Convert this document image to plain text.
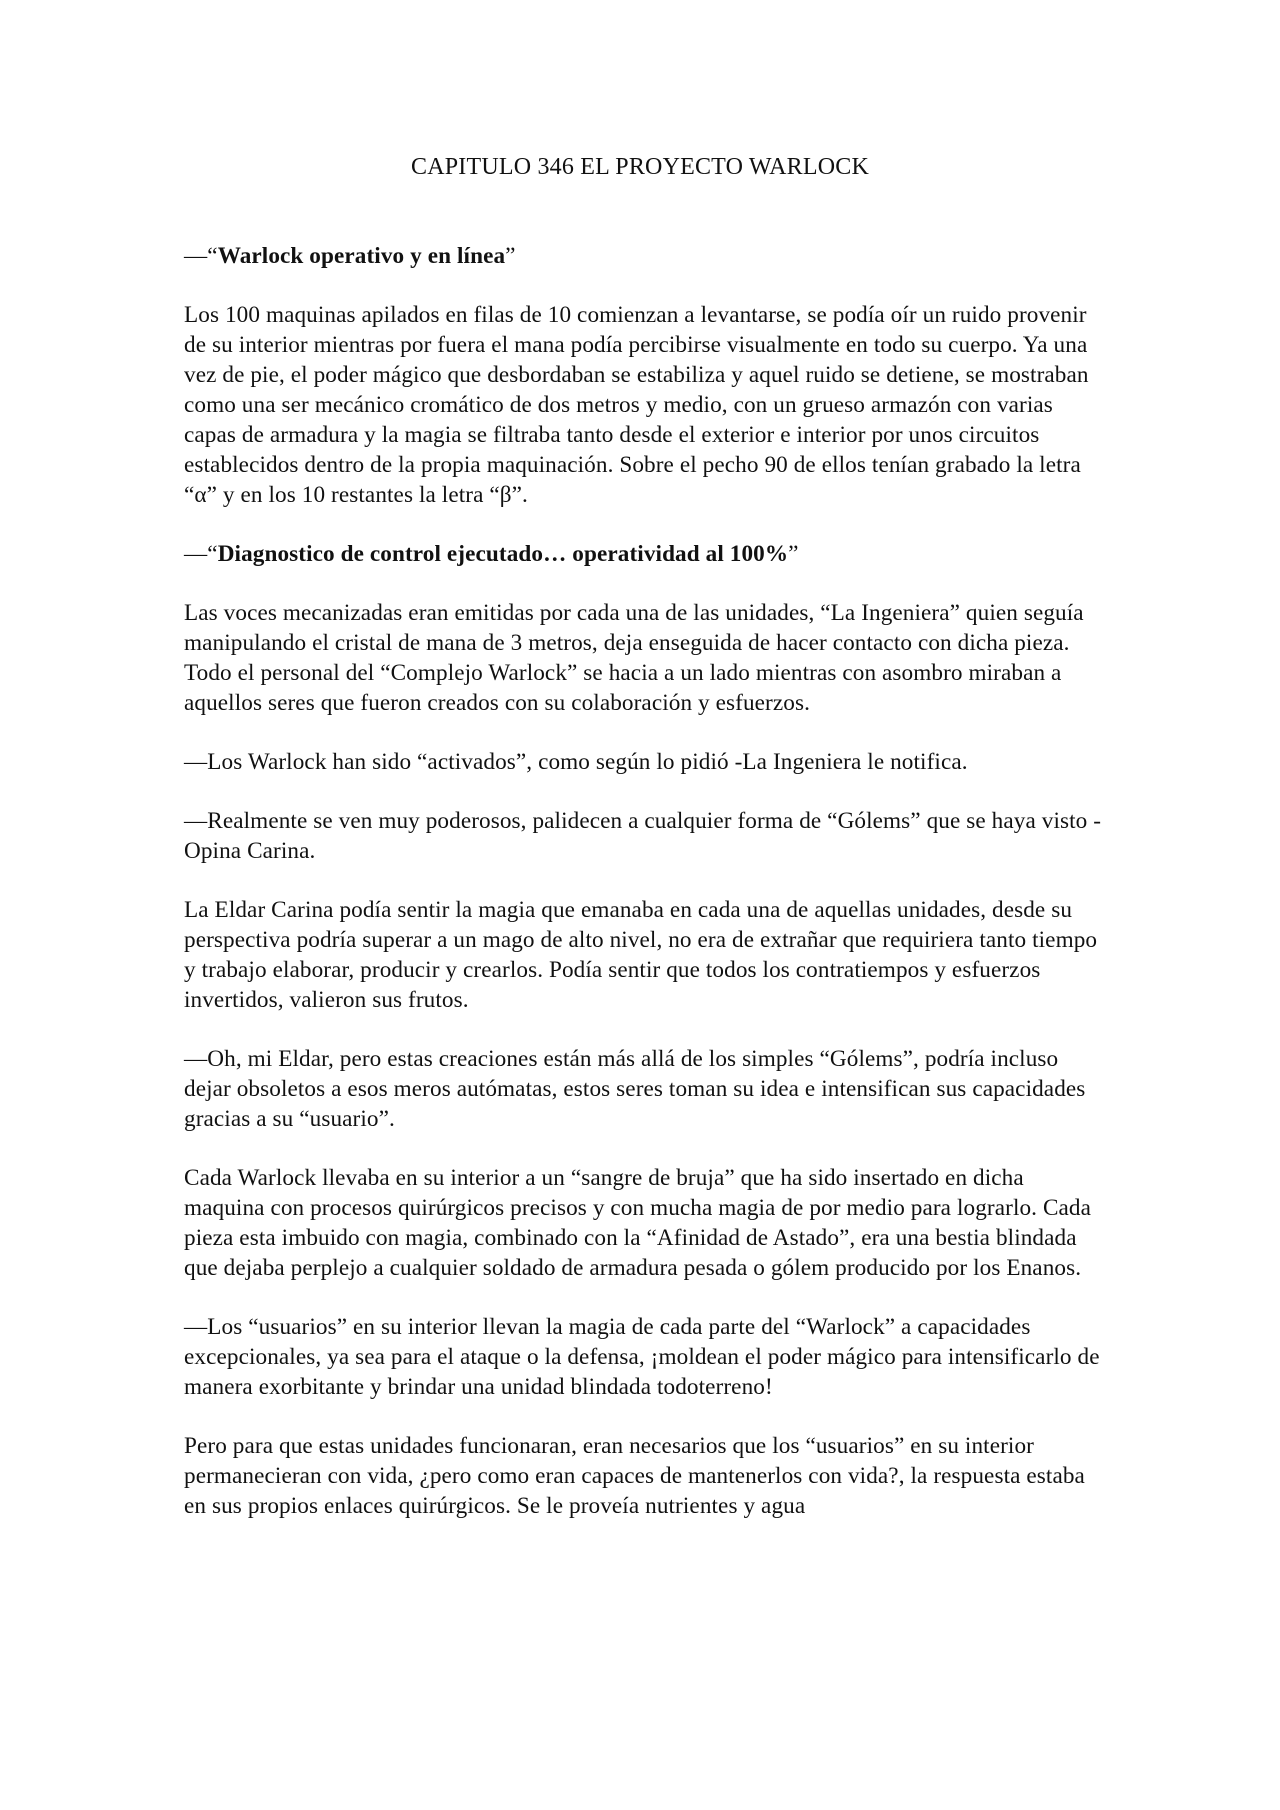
CAPITULO 346 EL PROYECTO WARLOCK

—“Warlock operativo y en línea”

Los 100 maquinas apilados en filas de 10 comienzan a levantarse, se podía oír un ruido provenir de su interior mientras por fuera el mana podía percibirse visualmente en todo su cuerpo. Ya una vez de pie, el poder mágico que desbordaban se estabiliza y aquel ruido se detiene, se mostraban como una ser mecánico cromático de dos metros y medio, con un grueso armazón con varias capas de armadura y la magia se filtraba tanto desde el exterior e interior por unos circuitos establecidos dentro de la propia maquinación. Sobre el pecho 90 de ellos tenían grabado la letra “α” y en los 10 restantes la letra “β”.

—“Diagnostico de control ejecutado… operatividad al 100%”

Las voces mecanizadas eran emitidas por cada una de las unidades, “La Ingeniera” quien seguía manipulando el cristal de mana de 3 metros, deja enseguida de hacer contacto con dicha pieza. Todo el personal del “Complejo Warlock” se hacia a un lado mientras con asombro miraban a aquellos seres que fueron creados con su colaboración y esfuerzos.

—Los Warlock han sido “activados”, como según lo pidió -La Ingeniera le notifica.

—Realmente se ven muy poderosos, palidecen a cualquier forma de “Gólems” que se haya visto -Opina Carina.

La Eldar Carina podía sentir la magia que emanaba en cada una de aquellas unidades, desde su perspectiva podría superar a un mago de alto nivel, no era de extrañar que requiriera tanto tiempo y trabajo elaborar, producir y crearlos. Podía sentir que todos los contratiempos y esfuerzos invertidos, valieron sus frutos.

—Oh, mi Eldar, pero estas creaciones están más allá de los simples “Gólems”, podría incluso dejar obsoletos a esos meros autómatas, estos seres toman su idea e intensifican sus capacidades gracias a su “usuario”.

Cada Warlock llevaba en su interior a un “sangre de bruja” que ha sido insertado en dicha maquina con procesos quirúrgicos precisos y con mucha magia de por medio para lograrlo. Cada pieza esta imbuido con magia, combinado con la “Afinidad de Astado”, era una bestia blindada que dejaba perplejo a cualquier soldado de armadura pesada o gólem producido por los Enanos.

—Los “usuarios” en su interior llevan la magia de cada parte del “Warlock” a capacidades excepcionales, ya sea para el ataque o la defensa, ¡moldean el poder mágico para intensificarlo de manera exorbitante y brindar una unidad blindada todoterreno!

Pero para que estas unidades funcionaran, eran necesarios que los “usuarios” en su interior permanecieran con vida, ¿pero como eran capaces de mantenerlos con vida?, la respuesta estaba en sus propios enlaces quirúrgicos. Se le proveía nutrientes y agua
